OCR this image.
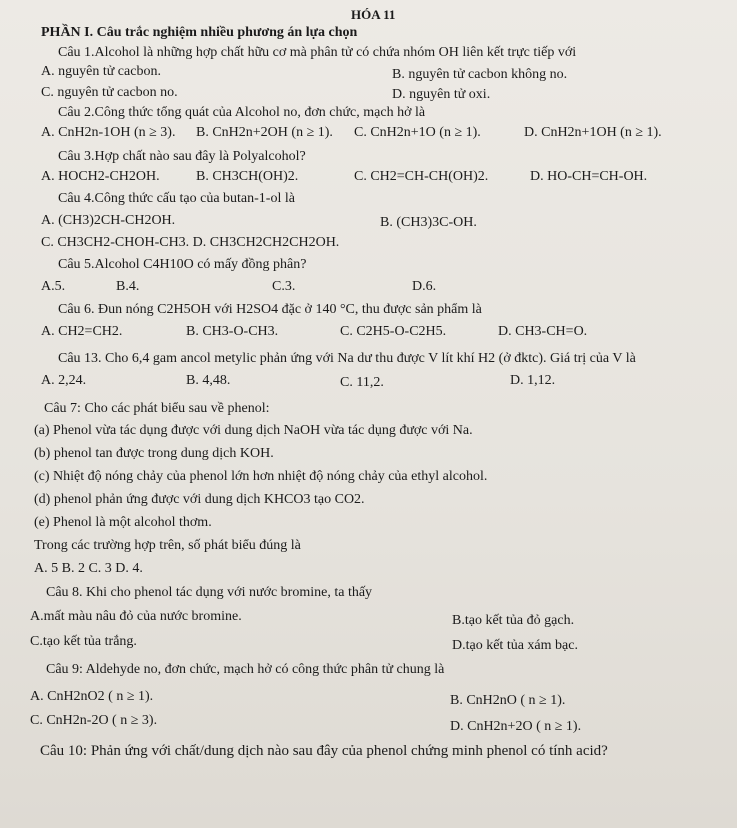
HÓA 11
PHẦN I. Câu trắc nghiệm nhiều phương án lựa chọn
Câu 1.Alcohol là những hợp chất hữu cơ mà phân tử có chứa nhóm OH liên kết trực tiếp với
A. nguyên tử cacbon.	B. nguyên tử cacbon không no.
C. nguyên tử cacbon no.	D. nguyên tử oxi.
Câu 2.Công thức tổng quát của Alcohol no, đơn chức, mạch hở là
A. CnH2n-1OH (n ≥ 3). B. CnH2n+2OH (n ≥ 1). C. CnH2n+1O (n ≥ 1).	D. CnH2n+1OH (n ≥ 1).
Câu 3.Hợp chất nào sau đây là Polyalcohol?
A. HOCH2-CH2OH.	B. CH3CH(OH)2.	C. CH2=CH-CH(OH)2.	D. HO-CH=CH-OH.
Câu 4.Công thức cấu tạo của butan-1-ol là
A. (CH3)2CH-CH2OH.	B. (CH3)3C-OH.
C. CH3CH2-CHOH-CH3. D. CH3CH2CH2CH2OH.
Câu 5.Alcohol C4H10O có mấy đồng phân?
A.5.	B.4.	C.3.	D.6.
Câu 6. Đun nóng C2H5OH với H2SO4 đặc ở 140 °C, thu được sản phẩm là
A. CH2=CH2.	B. CH3-O-CH3.	C. C2H5-O-C2H5.	D. CH3-CH=O.
Câu 13. Cho 6,4 gam ancol metylic phản ứng với Na dư thu được V lít khí H2 (ở đktc). Giá trị của V là
A. 2,24.	B. 4,48.	C. 11,2.	D. 1,12.
Câu 7: Cho các phát biểu sau về phenol:
(a) Phenol vừa tác dụng được với dung dịch NaOH vừa tác dụng được với Na.
(b) phenol tan được trong dung dịch KOH.
(c) Nhiệt độ nóng chảy của phenol lớn hơn nhiệt độ nóng chảy của ethyl alcohol.
(d) phenol phản ứng được với dung dịch KHCO3 tạo CO2.
(e) Phenol là một alcohol thơm.
Trong các trường hợp trên, số phát biểu đúng là
A. 5 B. 2 C. 3 D. 4.
Câu 8. Khi cho phenol tác dụng với nước bromine, ta thấy
A.mất màu nâu đỏ của nước bromine.	B.tạo kết tủa đỏ gạch.
C.tạo kết tủa trắng.	D.tạo kết tủa xám bạc.
Câu 9: Aldehyde no, đơn chức, mạch hở có công thức phân tử chung là
A. CnH2nO2 ( n ≥ 1).	B. CnH2nO ( n ≥ 1).
C. CnH2n-2O ( n ≥ 3).	D. CnH2n+2O ( n ≥ 1).
Câu 10: Phản ứng với chất/dung dịch nào sau đây của phenol chứng minh phenol có tính acid?
